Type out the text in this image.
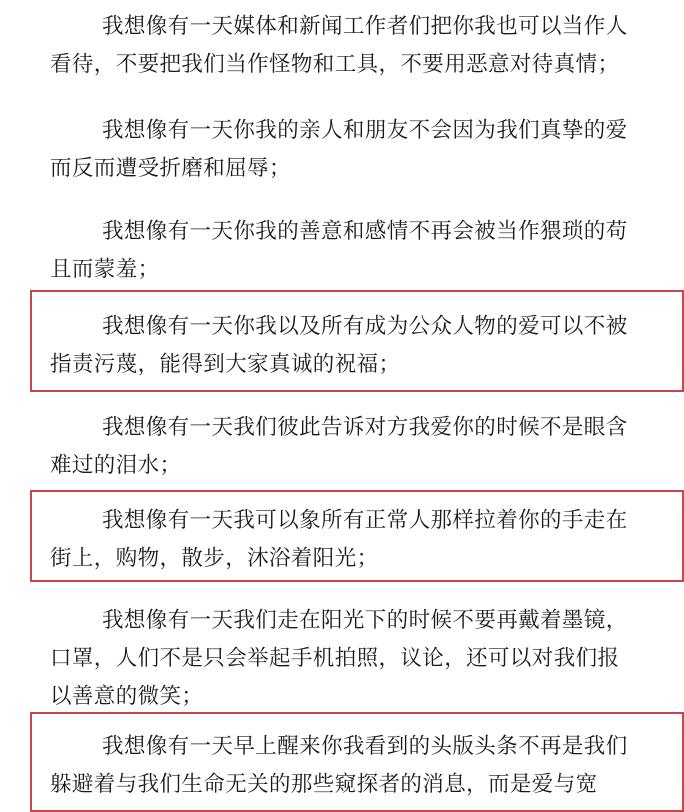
我想像有一天媒体和新闻工作者们把你我也可以当作人
看待，不要把我们当作怪物和工具，不要用恶意对待真情；

我想像有一天你我的亲人和朋友不会因为我们真挚的爱
而反而遭受折磨和屈辱；

我想像有一天你我的善意和感情不再会被当作猥琐的苟
且而蒙羞；

我想像有一天你我以及所有成为公众人物的爱可以不被
指责污蔑，能得到大家真诚的祝福；

我想像有一天我们彼此告诉对方我爱你的时候不是眼含
难过的泪水；

我想像有一天我可以象所有正常人那样拉着你的手走在
街上，购物，散步，沐浴着阳光；

我想像有一天我们走在阳光下的时候不要再戴着墨镜，
口罩，人们不是只会举起手机拍照，议论，还可以对我们报
以善意的微笑；

我想像有一天早上醒来你我看到的头版头条不再是我们
躲避着与我们生命无关的那些窥探者的消息，而是爱与宽
